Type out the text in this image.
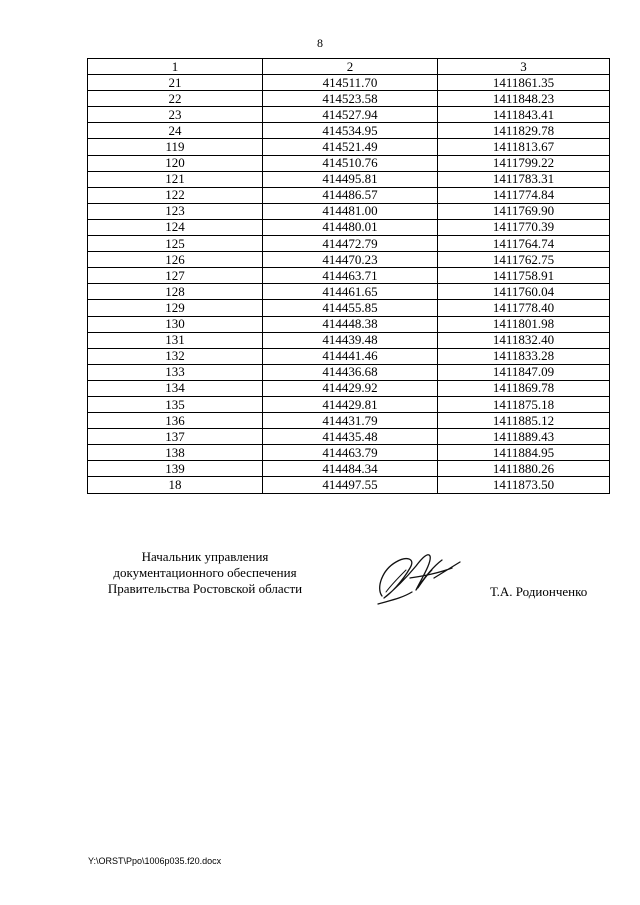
8
1	2	3
21	414511.70	1411861.35
22	414523.58	1411848.23
23	414527.94	1411843.41
24	414534.95	1411829.78
119	414521.49	1411813.67
120	414510.76	1411799.22
121	414495.81	1411783.31
122	414486.57	1411774.84
123	414481.00	1411769.90
124	414480.01	1411770.39
125	414472.79	1411764.74
126	414470.23	1411762.75
127	414463.71	1411758.91
128	414461.65	1411760.04
129	414455.85	1411778.40
130	414448.38	1411801.98
131	414439.48	1411832.40
132	414441.46	1411833.28
133	414436.68	1411847.09
134	414429.92	1411869.78
135	414429.81	1411875.18
136	414431.79	1411885.12
137	414435.48	1411889.43
138	414463.79	1411884.95
139	414484.34	1411880.26
18	414497.55	1411873.50
Начальник управления
документационного обеспечения
Правительства Ростовской области	Т.А. Родионченко
Y:\ORST\Ppo\1006p035.f20.docx
